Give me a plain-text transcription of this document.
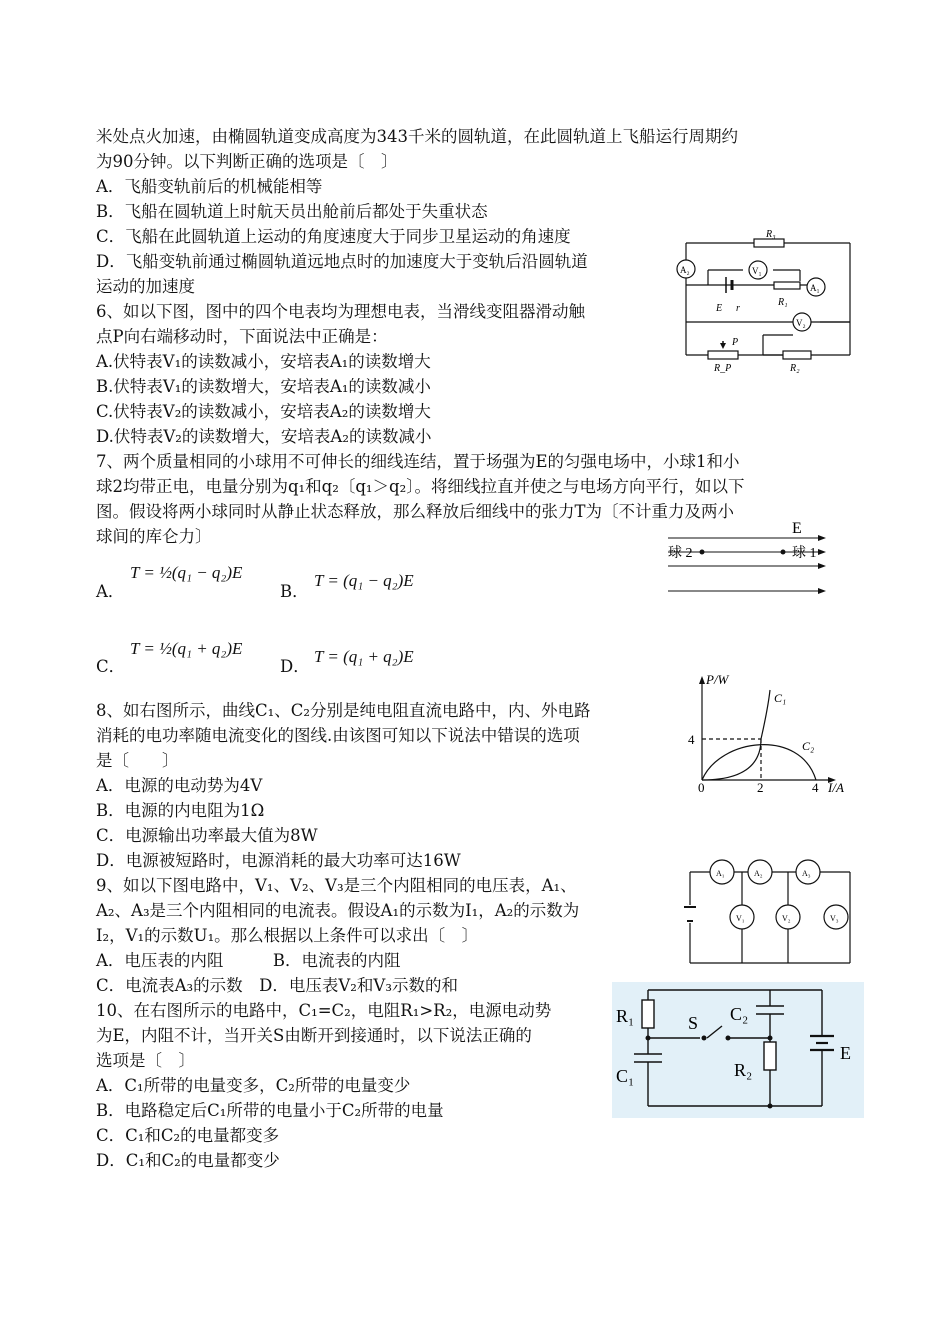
米处点火加速，由椭圆轨道变成高度为343千米的圆轨道，在此圆轨道上飞船运行周期约
为90分钟。以下判断正确的选项是〔　〕
A．飞船变轨前后的机械能相等
B．飞船在圆轨道上时航天员出舱前后都处于失重状态
C．飞船在此圆轨道上运动的角度速度大于同步卫星运动的角速度
D．飞船变轨前通过椭圆轨道远地点时的加速度大于变轨后沿圆轨道
运动的加速度
6、如以下图，图中的四个电表均为理想电表，当滑线变阻器滑动触
点P向右端移动时，下面说法中正确是：
A.伏特表V₁的读数减小，安培表A₁的读数增大
B.伏特表V₁的读数增大，安培表A₁的读数减小
C.伏特表V₂的读数减小，安培表A₂的读数增大
D.伏特表V₂的读数增大，安培表A₂的读数减小
7、两个质量相同的小球用不可伸长的细线连结，置于场强为E的匀强电场中，小球1和小
球2均带正电，电量分别为q₁和q₂〔q₁＞q₂〕。将细线拉直并使之与电场方向平行，如以下
图。假设将两小球同时从静止状态释放，那么释放后细线中的张力T为〔不计重力及两小
球间的库仑力〕
A．
T = ½(q₁ − q₂)E
B．
T = (q₁ − q₂)E
C．
T = ½(q₁ + q₂)E
D．
T = (q₁ + q₂)E
8、如右图所示，曲线C₁、C₂分别是纯电阻直流电路中，内、外电路
消耗的电功率随电流变化的图线.由该图可知以下说法中错误的选项
是〔　　〕
A．电源的电动势为4V
B．电源的内电阻为1Ω
C．电源输出功率最大值为8W
D．电源被短路时，电源消耗的最大功率可达16W
9、如以下图电路中，V₁、V₂、V₃是三个内阻相同的电压表，A₁、
A₂、A₃是三个内阻相同的电流表。假设A₁的示数为I₁，A₂的示数为
I₂，V₁的示数U₁。那么根据以上条件可以求出〔　〕
A．电压表的内阻　　　B．电流表的内阻
C．电流表A₃的示数　D．电压表V₂和V₃示数的和
10、在右图所示的电路中，C₁=C₂，电阻R₁>R₂，电源电动势
为E，内阻不计，当开关S由断开到接通时，以下说法正确的
选项是〔　〕
A．C₁所带的电量变多，C₂所带的电量变少
B．电路稳定后C₁所带的电量小于C₂所带的电量
C．C₁和C₂的电量都变多
D．C₁和C₂的电量都变少
R₃
A₂	V₁
A₁
E r
R₁
V₂
P
R_P	R₂
E
球 2	球 1
P/W
C₁
C₂
4
0	2	4 I/A
A₁	A₂	A₃
V₁	V₂	V₃
R₁	S C₂
C₁	R₂
E
